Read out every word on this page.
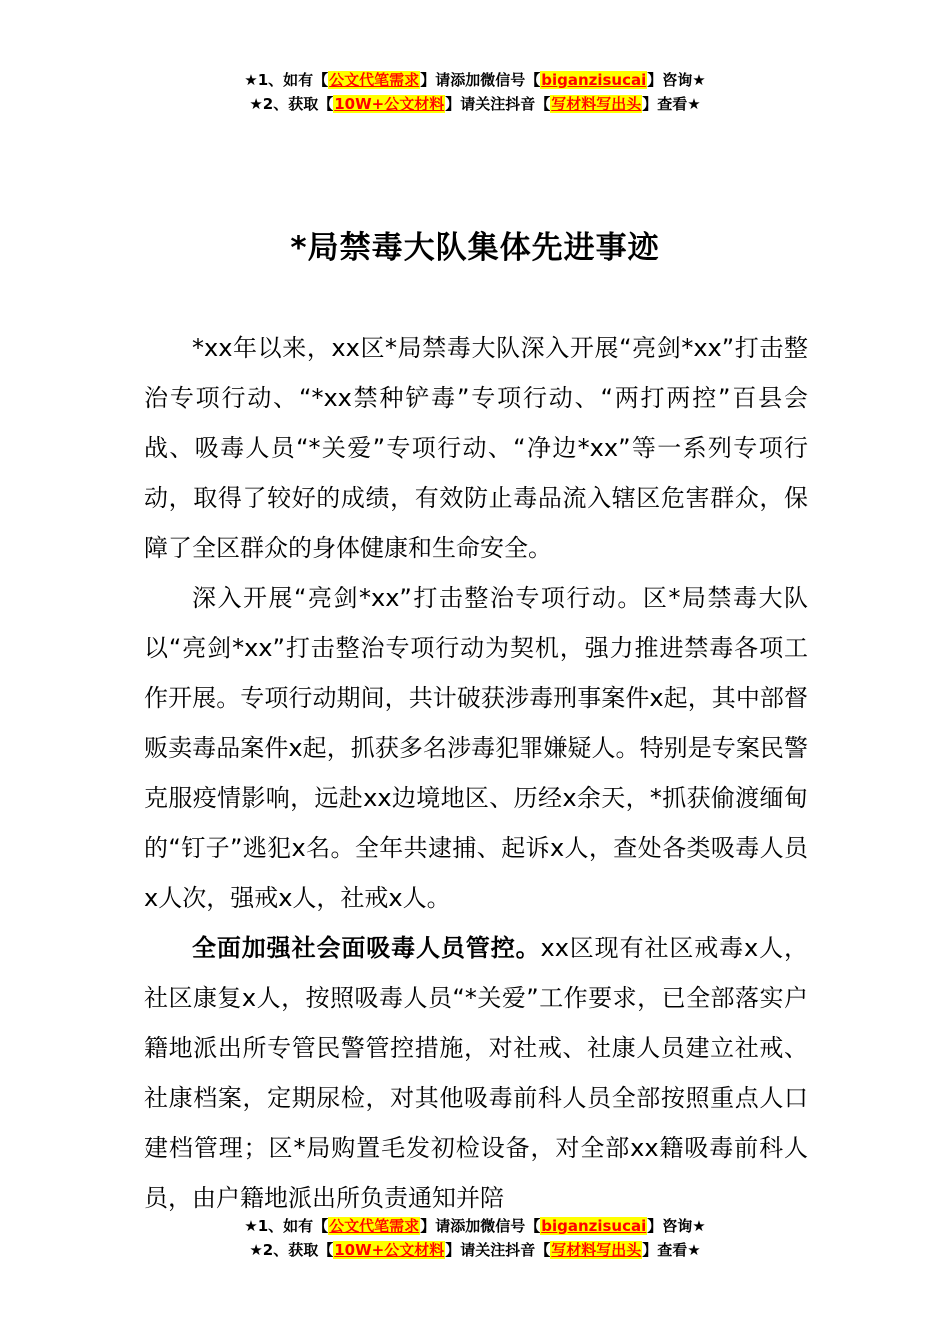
★1、如有【公文代笔需求】请添加微信号【biganzisucai】咨询★
★2、获取【10W+公文材料】请关注抖音【写材料写出头】查看★
*局禁毒大队集体先进事迹

*xx年以来，xx区*局禁毒大队深入开展“亮剑*xx”打击整治专项行动、“*xx禁种铲毒”专项行动、“两打两控”百县会战、吸毒人员“*关爱”专项行动、“净边*xx”等一系列专项行动，取得了较好的成绩，有效防止毒品流入辖区危害群众，保障了全区群众的身体健康和生命安全。

深入开展“亮剑*xx”打击整治专项行动。区*局禁毒大队以“亮剑*xx”打击整治专项行动为契机，强力推进禁毒各项工作开展。专项行动期间，共计破获涉毒刑事案件x起，其中部督贩卖毒品案件x起，抓获多名涉毒犯罪嫌疑人。特别是专案民警克服疫情影响，远赴xx边境地区、历经x余天，*抓获偷渡缅甸的“钉子”逃犯x名。全年共逮捕、起诉x人，查处各类吸毒人员x人次，强戒x人，社戒x人。

全面加强社会面吸毒人员管控。xx区现有社区戒毒x人，社区康复x人，按照吸毒人员“*关爱”工作要求，已全部落实户籍地派出所专管民警管控措施，对社戒、社康人员建立社戒、社康档案，定期尿检，对其他吸毒前科人员全部按照重点人口建档管理；区*局购置毛发初检设备，对全部xx籍吸毒前科人员，由户籍地派出所负责通知并陪

★1、如有【公文代笔需求】请添加微信号【biganzisucai】咨询★
★2、获取【10W+公文材料】请关注抖音【写材料写出头】查看★
